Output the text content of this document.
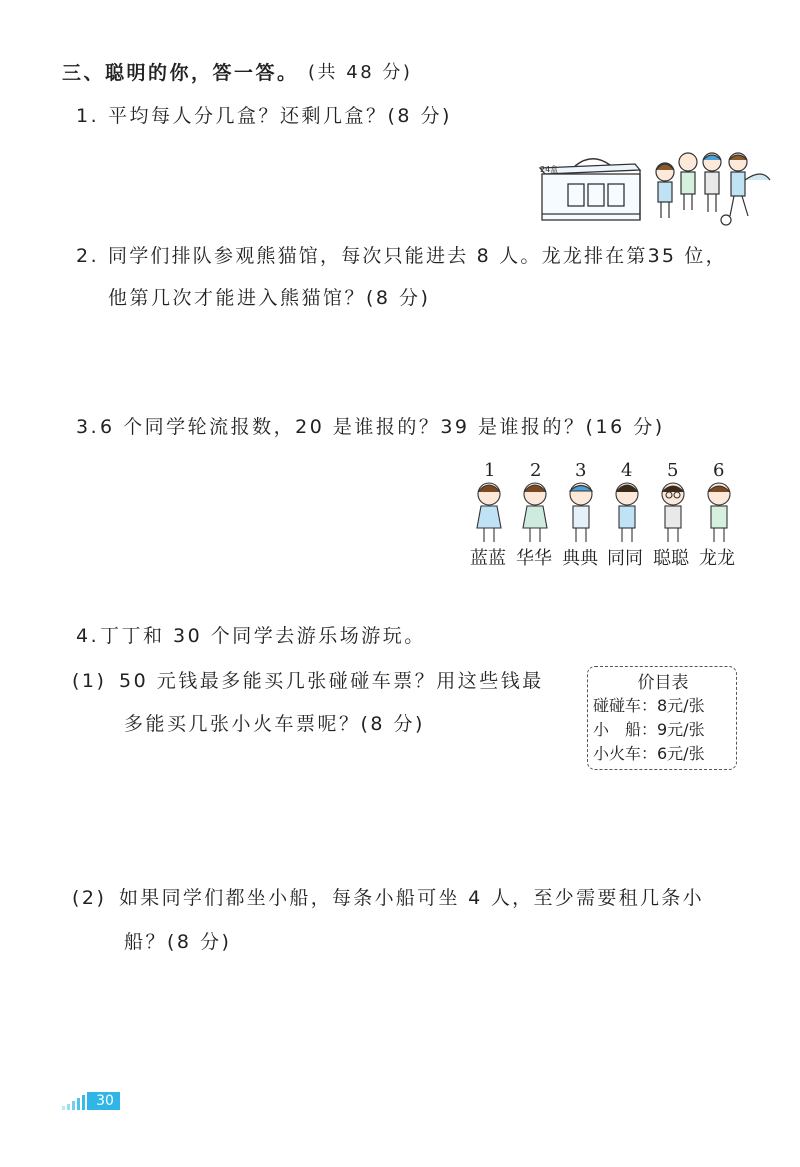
三、聪明的你，答一答。 (共 48 分)
1. 平均每人分几盒？还剩几盒？(8 分)
24盒
2. 同学们排队参观熊猫馆，每次只能进去 8 人。龙龙排在第35 位，
他第几次才能进入熊猫馆？(8 分)
3. 6 个同学轮流报数，20 是谁报的？39 是谁报的？(16 分)
1 2 3 4 5 6
蓝蓝 华华 典典 同同 聪聪 龙龙
4. 丁丁和 30 个同学去游乐场游玩。
(1) 50 元钱最多能买几张碰碰车票？用这些钱最
多能买几张小火车票呢？(8 分)
价目表
碰碰车：8元/张
小　船：9元/张
小火车：6元/张
(2) 如果同学们都坐小船，每条小船可坐 4 人，至少需要租几条小
船？(8 分)
30
